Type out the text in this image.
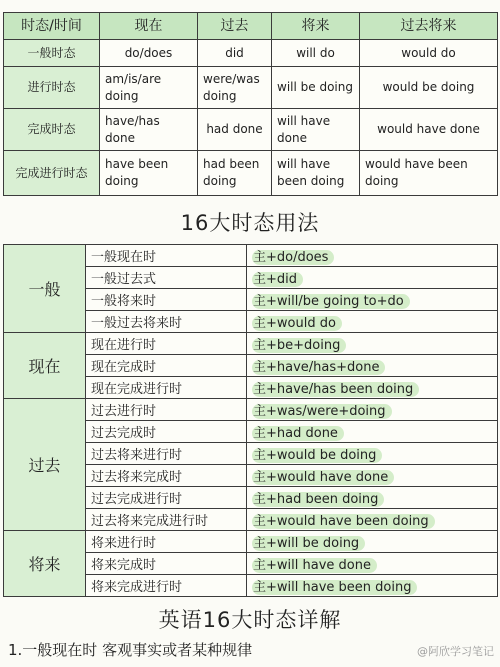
时态/时间	现在	过去	将来	过去将来
一般时态	do/does	did	will do	would do
进行时态	am/is/are doing	were/was doing	will be doing	would be doing
完成时态	have/has done	had done	will have done	would have done
完成进行时态	have been doing	had been doing	will have been doing	would have been doing
16大时态用法
一般	一般现在时	主+do/does
	一般过去式	主+did
	一般将来时	主+will/be going to+do
	一般过去将来时	主+would do
现在	现在进行时	主+be+doing
	现在完成时	主+have/has+done
	现在完成进行时	主+have/has been doing
过去	过去进行时	主+was/were+doing
	过去完成时	主+had done
	过去将来进行时	主+would be doing
	过去将来完成时	主+would have done
	过去完成进行时	主+had been doing
	过去将来完成进行时	主+would have been doing
将来	将来进行时	主+will be doing
	将来完成时	主+will have done
	将来完成进行时	主+will have been doing
英语16大时态详解
1.一般现在时 客观事实或者某种规律	@阿欣学习笔记
